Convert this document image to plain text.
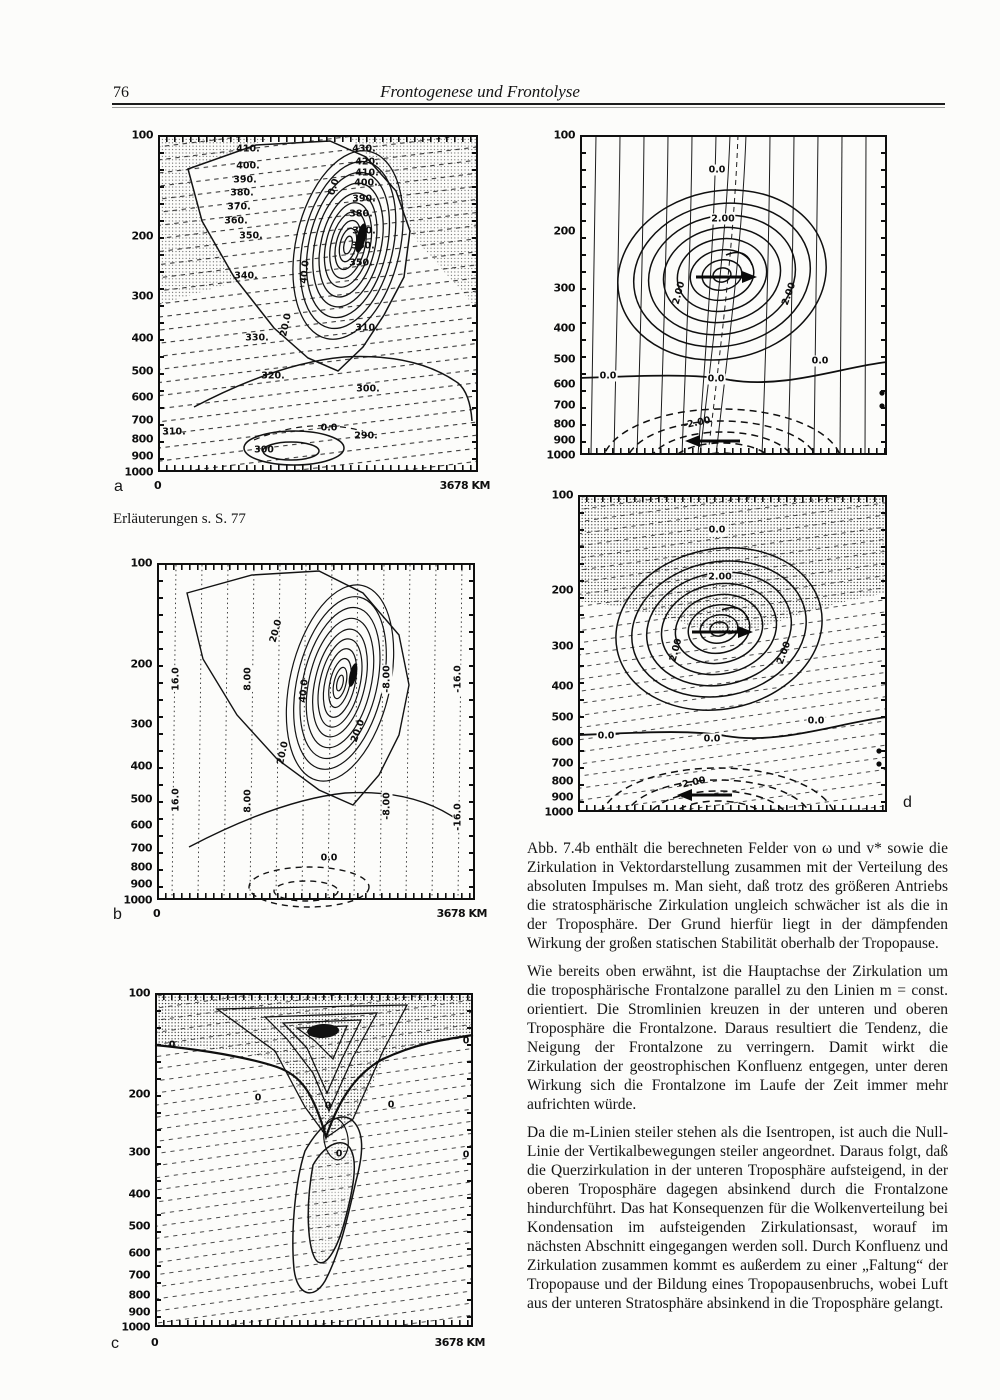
76	Frontogenese und Frontolyse
100
200
300
400
500
600
700
800
900
1000
410.
400.
390.
380.
370.
360.
350.
340.
330.
320.
430.
420.
410.
400.
390.
380.
370.
360.
350.
310.
310.
300
290.
300.
0.0
20.0
40.0
0.0
a	0	3678 KM

Erläuterungen s. S. 77

100
200
300
400
500
600
700
800
900
1000
16.0
16.0
8.00
8.00
-8.00
-8.00
-16.0
-16.0
20.0
40.0
20.0
20.0
0.0
b	0	3678 KM
100
200
300
400
500
600
700
800
900
1000
0
0
0
0
0
0
0
c	0	3678 KM
100
200
300
400
500
600
700
800
900
1000
0.0
2.00
2.00	2.00
0.0	0.0
0.0
-2.00
100
200
300
400
500
600
700
800
900
1000
0.0
2.00
2.00	2.00
0.0	0.0
0.0
-2.00
d

Abb. 7.4b enthält die berechneten Felder von ω und v* sowie die Zirkulation in Vektordarstellung zusammen mit der Verteilung des absoluten Impulses m. Man sieht, daß trotz des größeren Antriebs die stratosphärische Zirkulation ungleich schwächer ist als die in der Troposphäre. Der Grund hierfür liegt in der dämpfenden Wirkung der großen statischen Stabilität oberhalb der Tropopause.

Wie bereits oben erwähnt, ist die Hauptachse der Zirkulation um die troposphärische Frontalzone parallel zu den Linien m = const. orientiert. Die Stromlinien kreuzen in der unteren und oberen Troposphäre die Frontalzone. Daraus resultiert die Tendenz, die Neigung der Frontalzone zu verringern. Damit wirkt die Zirkulation der geostrophischen Konfluenz entgegen, unter deren Wirkung sich die Frontalzone im Laufe der Zeit immer mehr aufrichten würde.

Da die m-Linien steiler stehen als die Isentropen, ist auch die Null-Linie der Vertikalbewegungen steiler angeordnet. Daraus folgt, daß die Querzirkulation in der unteren Troposphäre aufsteigend, in der oberen Troposphäre dagegen absinkend durch die Frontalzone hindurchführt. Das hat Konsequenzen für die Wolkenverteilung bei Kondensation im aufsteigenden Zirkulationsast, worauf im nächsten Abschnitt eingegangen werden soll. Durch Konfluenz und Zirkulation zusammen kommt es außerdem zu einer „Faltung“ der Tropopause und der Bildung eines Tropopausenbruchs, wobei Luft aus der unteren Stratosphäre absinkend in die Troposphäre gelangt.
